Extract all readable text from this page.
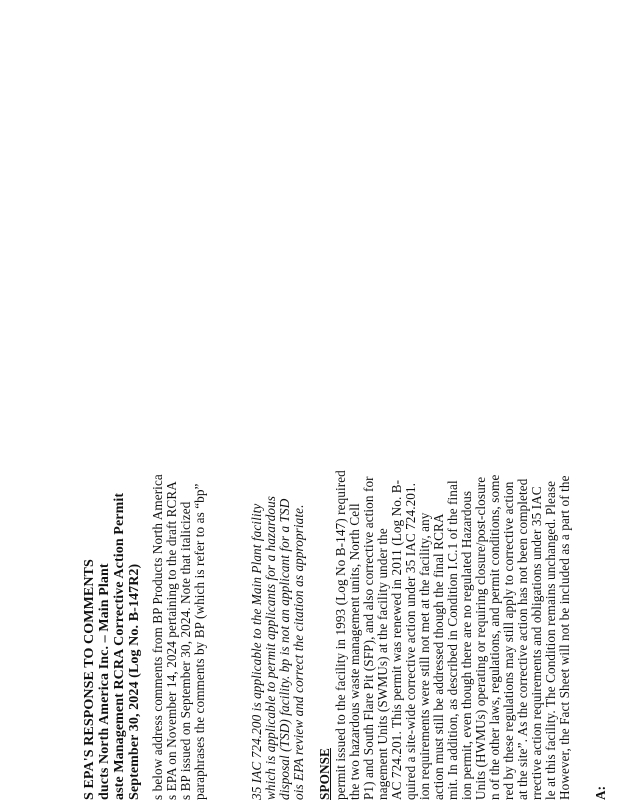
S EPA'S RESPONSE TO COMMENTS ducts North America Inc. – Main Plant aste Management RCRA Corrective Action Permit September 30, 2024 (Log No. B-147R2) s below address comments from BP Products North America s EPA on November 14, 2024 pertaining to the draft RCRA s BP issued on September 30, 2024. Note that italicized paraphrases the comments by BP (which is refer to as “bp”	35 IAC 724.200 is applicable to the Main Plant facility which is applicable to permit applicants for a hazardous disposal (TSD) facility. bp is not an applicant for a TSD ois EPA review and correct the citation as appropriate. SPONSE permit issued to the facility in 1993 (Log No B-147) required the two hazardous waste management units, North Cell P1) and South Flare Pit (SFP), and also corrective action for nagement Units (SWMUs) at the facility under the AC 724.201. This permit was renewed in 2011 (Log No. B- quired a site-wide corrective action under 35 IAC 724.201. ion requirements were still not met at the facility, any action must still be addressed though the final RCRA mit. In addition, as described in Condition I.C.1 of the final ion permit, even though there are no regulated Hazardous Units (HWMUs) operating or requiring closure/post-closure n of the other laws, regulations, and permit conditions, some red by these regulations may still apply to corrective action at the site”. As the corrective action has not been completed rrective action requirements and obligations under 35 IAC le at this facility. The Condition remains unchanged. Please However, the Fact Sheet will not be included as a part of the A:
